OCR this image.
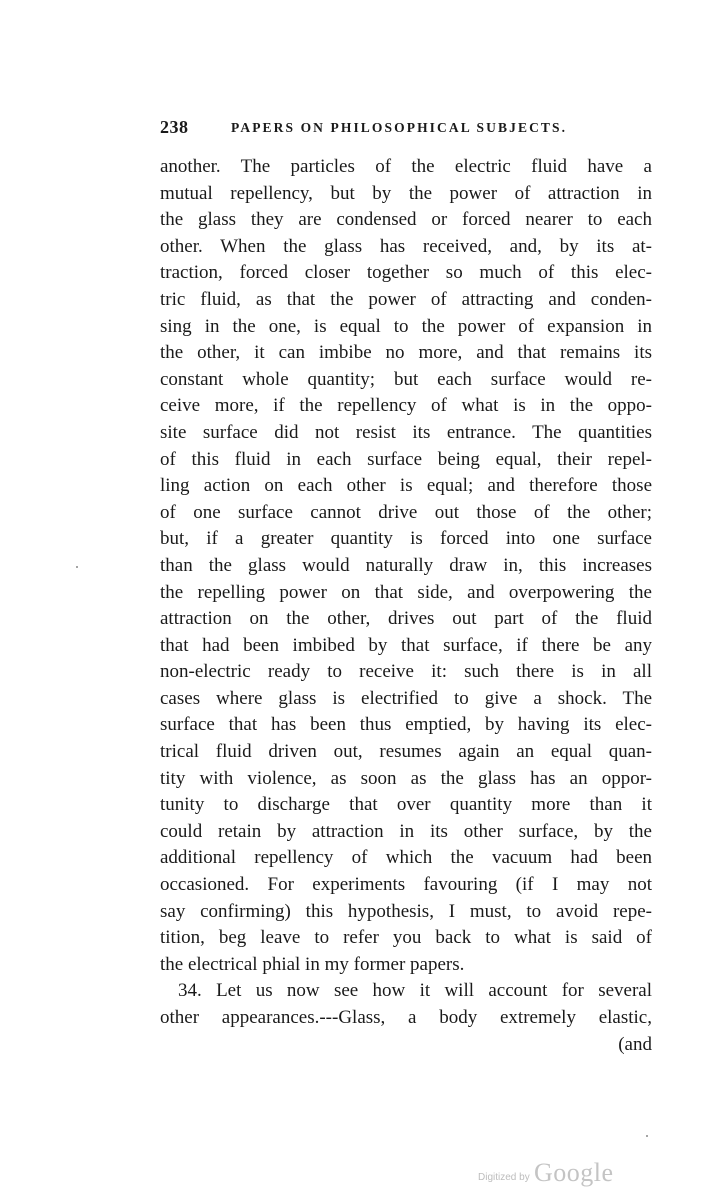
238	PAPERS ON PHILOSOPHICAL SUBJECTS.
another. The particles of the electric fluid have a
mutual repellency, but by the power of attraction in
the glass they are condensed or forced nearer to each
other. When the glass has received, and, by its at-
traction, forced closer together so much of this elec-
tric fluid, as that the power of attracting and conden-
sing in the one, is equal to the power of expansion in
the other, it can imbibe no more, and that remains its
constant whole quantity; but each surface would re-
ceive more, if the repellency of what is in the oppo-
site surface did not resist its entrance. The quantities
of this fluid in each surface being equal, their repel-
ling action on each other is equal; and therefore those
of one surface cannot drive out those of the other;
but, if a greater quantity is forced into one surface
than the glass would naturally draw in, this increases
the repelling power on that side, and overpowering the
attraction on the other, drives out part of the fluid
that had been imbibed by that surface, if there be any
non-electric ready to receive it: such there is in all
cases where glass is electrified to give a shock. The
surface that has been thus emptied, by having its elec-
trical fluid driven out, resumes again an equal quan-
tity with violence, as soon as the glass has an oppor-
tunity to discharge that over quantity more than it
could retain by attraction in its other surface, by the
additional repellency of which the vacuum had been
occasioned. For experiments favouring (if I may not
say confirming) this hypothesis, I must, to avoid repe-
tition, beg leave to refer you back to what is said of
the electrical phial in my former papers.
34. Let us now see how it will account for several
other appearances.---Glass, a body extremely elastic,
(and
Digitized by Google
